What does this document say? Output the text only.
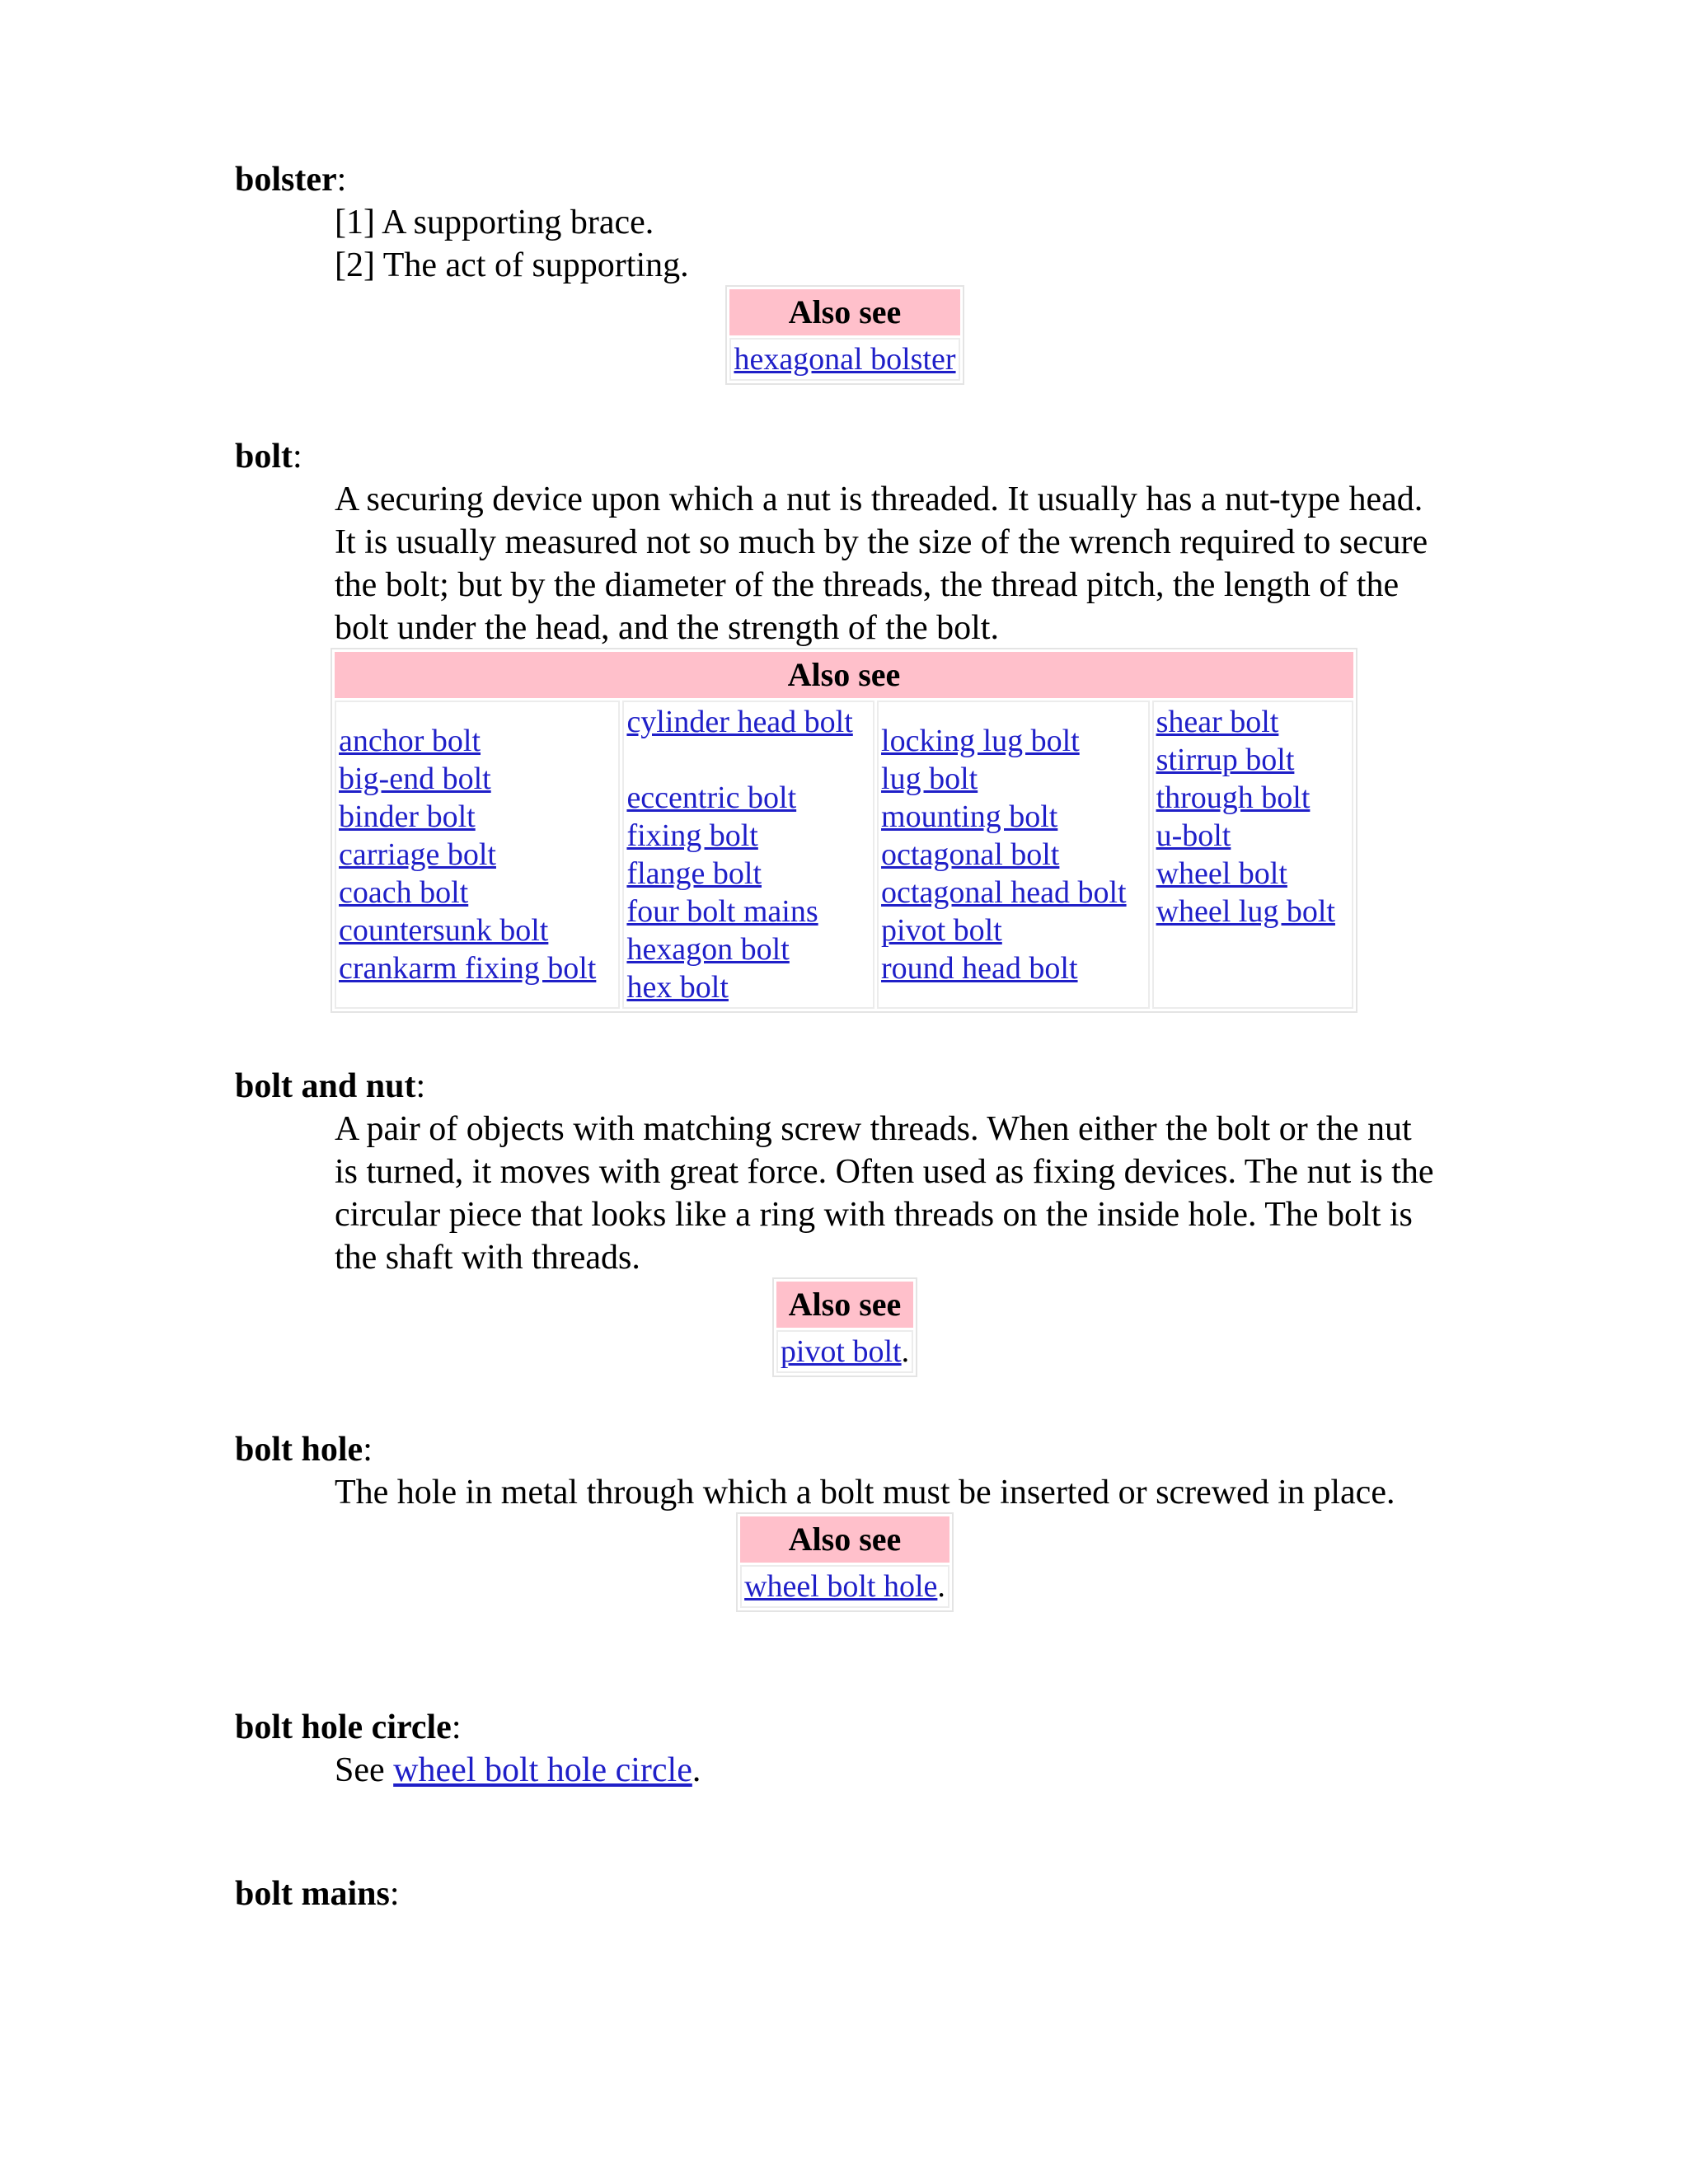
bolster:

[1] A supporting brace.

[2] The act of supporting.

Also see
hexagonal bolster
bolt:

A securing device upon which a nut is threaded. It usually has a nut-type head. It is usually measured not so much by the size of the wrench required to secure the bolt; but by the diameter of the threads, the thread pitch, the length of the bolt under the head, and the strength of the bolt.

Also see

anchor bolt
big-end bolt
binder bolt
carriage bolt
coach bolt
countersunk bolt
crankarm fixing bolt

cylinder head bolt
eccentric bolt
fixing bolt
flange bolt
four bolt mains
hexagon bolt
hex bolt

locking lug bolt
lug bolt
mounting bolt
octagonal bolt
octagonal head bolt
pivot bolt
round head bolt

shear bolt
stirrup bolt
through bolt
u-bolt
wheel bolt
wheel lug bolt
bolt and nut:

A pair of objects with matching screw threads. When either the bolt or the nut is turned, it moves with great force. Often used as fixing devices. The nut is the circular piece that looks like a ring with threads on the inside hole. The bolt is the shaft with threads.

Also see
pivot bolt.
bolt hole:

The hole in metal through which a bolt must be inserted or screwed in place.

Also see
wheel bolt hole.
bolt hole circle:

See wheel bolt hole circle.

bolt mains:
